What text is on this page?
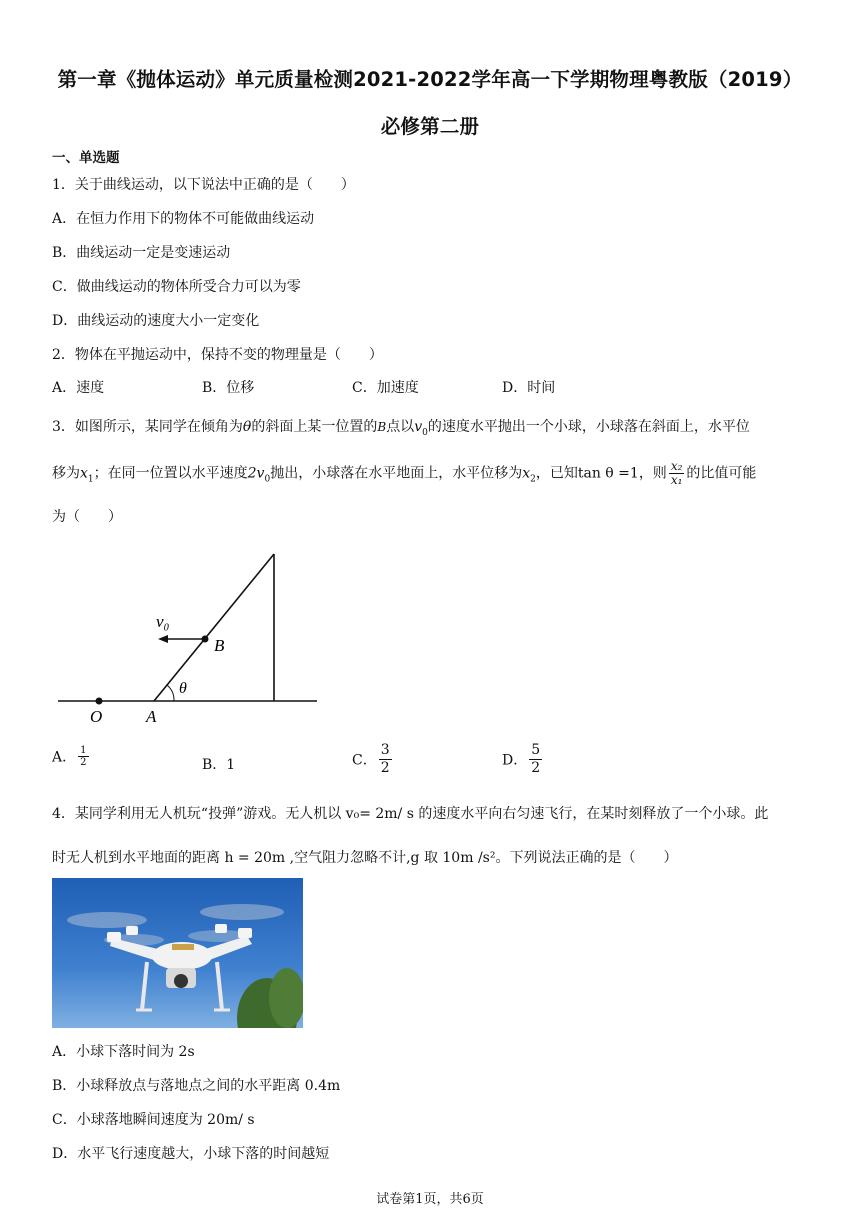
第一章《抛体运动》单元质量检测2021-2022学年高一下学期物理粤教版（2019）
必修第二册
一、单选题
1．关于曲线运动，以下说法中正确的是（　　）
A．在恒力作用下的物体不可能做曲线运动
B．曲线运动一定是变速运动
C．做曲线运动的物体所受合力可以为零
D．曲线运动的速度大小一定变化
2．物体在平抛运动中，保持不变的物理量是（　　）
A．速度	B．位移	C．加速度	D．时间
3．如图所示，某同学在倾角为θ的斜面上某一位置的B点以$v_0$的速度水平抛出一个小球，小球落在斜面上，水平位
移为$x_1$；在同一位置以水平速度$2v_0$抛出，小球落在水平地面上，水平位移为$x_2$，已知tan θ =1，则 $\frac{\text{x₂}}{\text{x₁}}$ 的比值可能
为（　　）
v₀
B
θ
O	A
A． $\frac{1}{2}$	B．1	C． $\frac{3}{2}$	D． $\frac{5}{2}$
4．某同学利用无人机玩“投弹”游戏。无人机以 v₀= 2m/ s 的速度水平向右匀速飞行，在某时刻释放了一个小球。此
时无人机到水平地面的距离 h = 20m ,空气阻力忽略不计,g 取 10m /s²。下列说法正确的是（　　）
A．小球下落时间为 2s
B．小球释放点与落地点之间的水平距离 0.4m
C．小球落地瞬间速度为 20m/ s
D．水平飞行速度越大，小球下落的时间越短
试卷第1页，共6页
